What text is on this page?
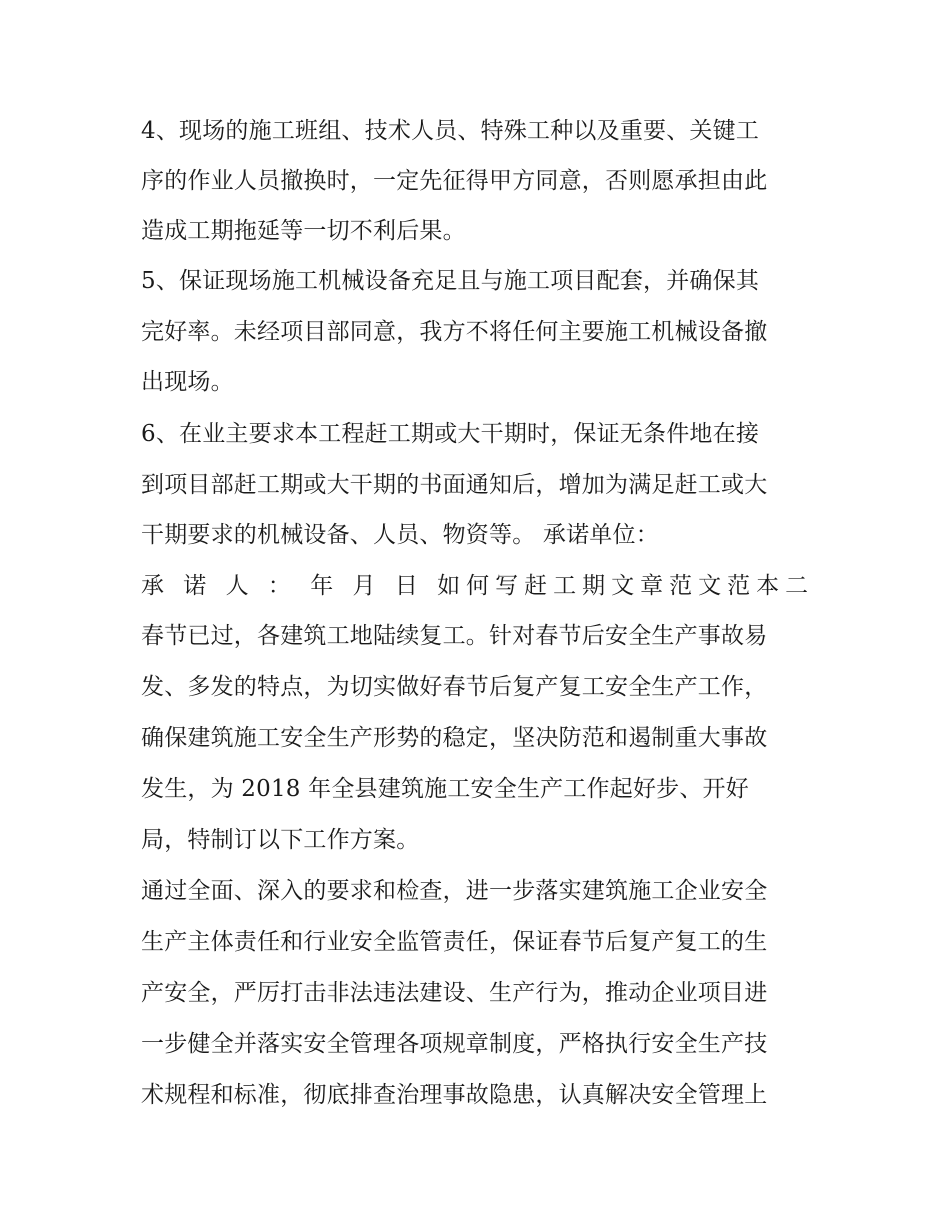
4、现场的施工班组、技术人员、特殊工种以及重要、关键工
序的作业人员撤换时，一定先征得甲方同意，否则愿承担由此
造成工期拖延等一切不利后果。
5、保证现场施工机械设备充足且与施工项目配套，并确保其
完好率。未经项目部同意，我方不将任何主要施工机械设备撤
出现场。
6、在业主要求本工程赶工期或大干期时，保证无条件地在接
到项目部赶工期或大干期的书面通知后，增加为满足赶工或大
干期要求的机械设备、人员、物资等。 承诺单位：
承 诺 人 ： 年 月 日 如何写赶工期文章范文范本二
春节已过，各建筑工地陆续复工。针对春节后安全生产事故易
发、多发的特点，为切实做好春节后复产复工安全生产工作，
确保建筑施工安全生产形势的稳定，坚决防范和遏制重大事故
发生，为 2018 年全县建筑施工安全生产工作起好步、开好
局，特制订以下工作方案。
通过全面、深入的要求和检查，进一步落实建筑施工企业安全
生产主体责任和行业安全监管责任，保证春节后复产复工的生
产安全，严厉打击非法违法建设、生产行为，推动企业项目进
一步健全并落实安全管理各项规章制度，严格执行安全生产技
术规程和标准，彻底排查治理事故隐患，认真解决安全管理上
